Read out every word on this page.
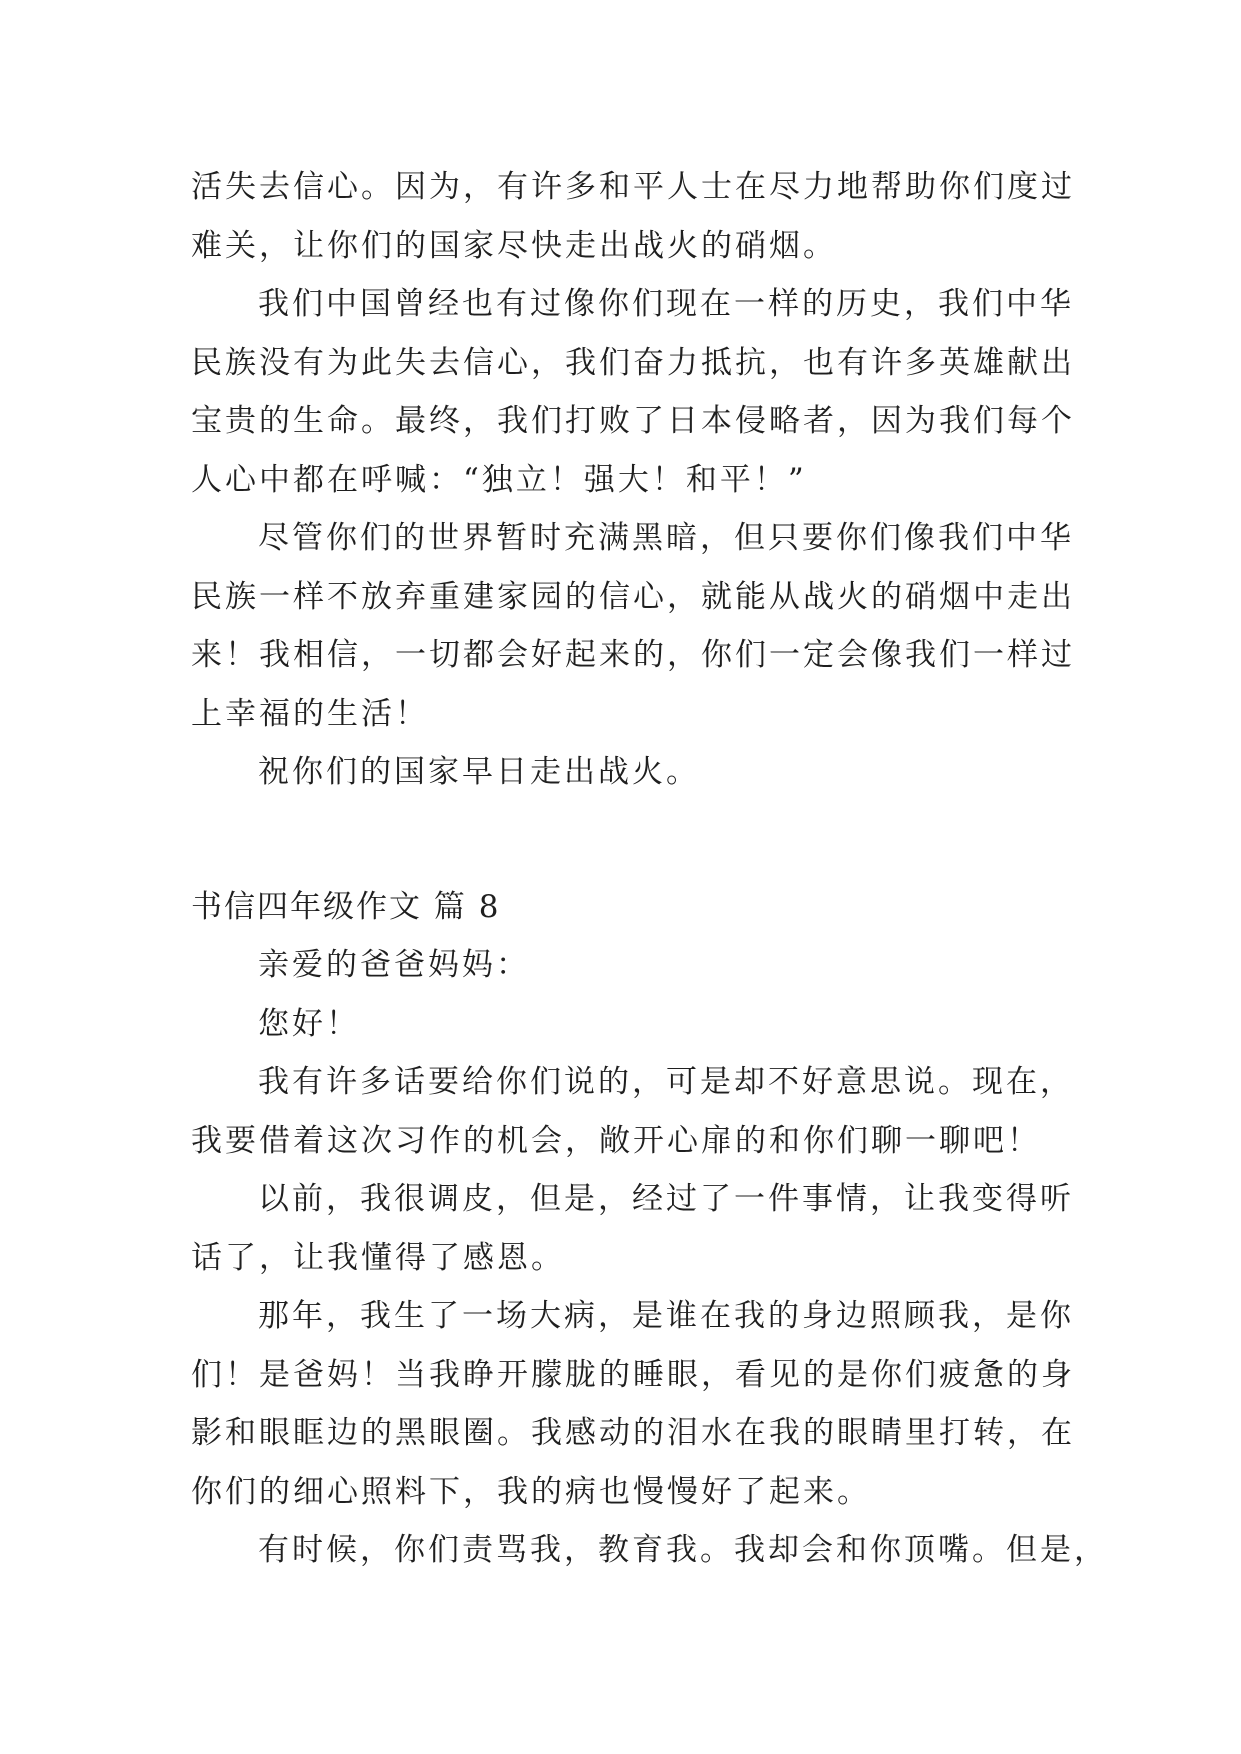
活失去信心。因为，有许多和平人士在尽力地帮助你们度过
难关，让你们的国家尽快走出战火的硝烟。
我们中国曾经也有过像你们现在一样的历史，我们中华
民族没有为此失去信心，我们奋力抵抗，也有许多英雄献出
宝贵的生命。最终，我们打败了日本侵略者，因为我们每个
人心中都在呼喊：“独立！强大！和平！”
尽管你们的世界暂时充满黑暗，但只要你们像我们中华
民族一样不放弃重建家园的信心，就能从战火的硝烟中走出
来！我相信，一切都会好起来的，你们一定会像我们一样过
上幸福的生活！
祝你们的国家早日走出战火。
书信四年级作文 篇 8
亲爱的爸爸妈妈：
您好！
我有许多话要给你们说的，可是却不好意思说。现在，
我要借着这次习作的机会，敞开心扉的和你们聊一聊吧！
以前，我很调皮，但是，经过了一件事情，让我变得听
话了，让我懂得了感恩。
那年，我生了一场大病，是谁在我的身边照顾我，是你
们！是爸妈！当我睁开朦胧的睡眼，看见的是你们疲惫的身
影和眼眶边的黑眼圈。我感动的泪水在我的眼睛里打转，在
你们的细心照料下，我的病也慢慢好了起来。
有时候，你们责骂我，教育我。我却会和你顶嘴。但是，
